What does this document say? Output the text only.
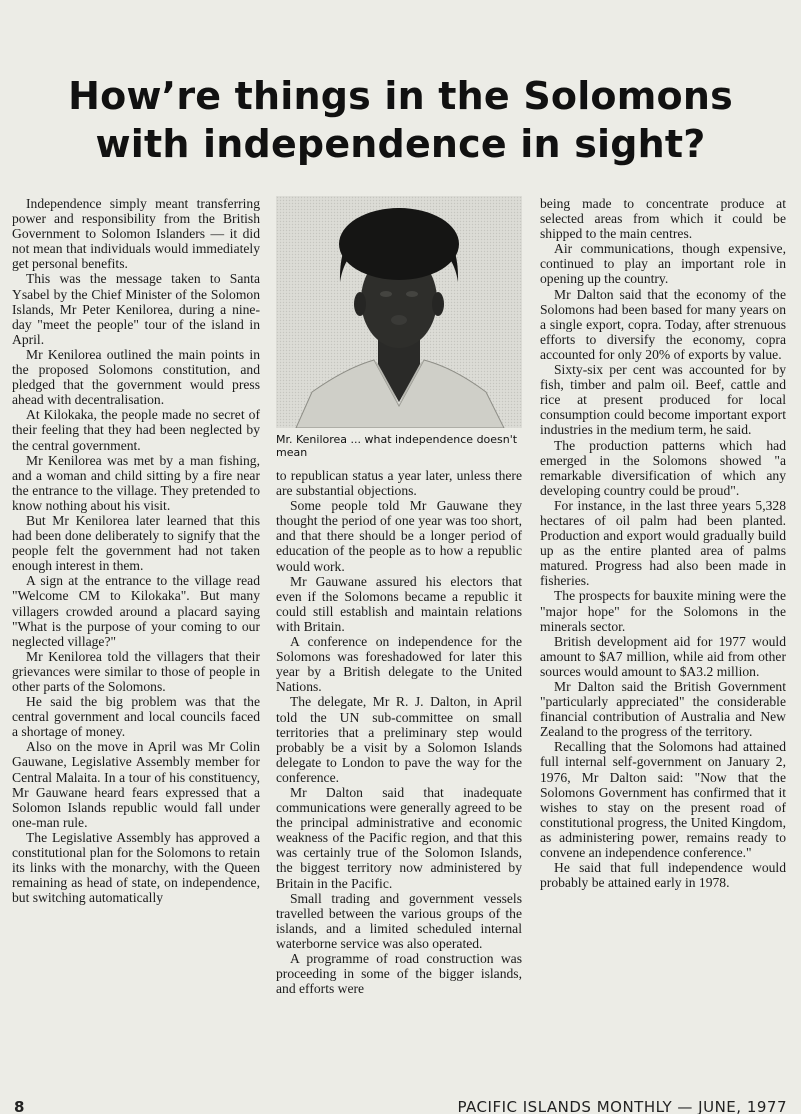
How’re things in the Solomons
with independence in sight?

Independence simply meant transferring power and responsibility from the British Government to Solomon Islanders — it did not mean that individuals would immediately get personal benefits.

This was the message taken to Santa Ysabel by the Chief Minister of the Solomon Islands, Mr Peter Kenilorea, during a nine-day "meet the people" tour of the island in April.

Mr Kenilorea outlined the main points in the proposed Solomons constitution, and pledged that the government would press ahead with decentralisation.

At Kilokaka, the people made no secret of their feeling that they had been neglected by the central government.

Mr Kenilorea was met by a man fishing, and a woman and child sitting by a fire near the entrance to the village. They pretended to know nothing about his visit.

But Mr Kenilorea later learned that this had been done deliberately to signify that the people felt the government had not taken enough interest in them.

A sign at the entrance to the village read "Welcome CM to Kilokaka". But many villagers crowded around a placard saying "What is the purpose of your coming to our neglected village?"

Mr Kenilorea told the villagers that their grievances were similar to those of people in other parts of the Solomons.

He said the big problem was that the central government and local councils faced a shortage of money.

Also on the move in April was Mr Colin Gauwane, Legislative Assembly member for Central Malaita. In a tour of his constituency, Mr Gauwane heard fears expressed that a Solomon Islands republic would fall under one-man rule.

The Legislative Assembly has approved a constitutional plan for the Solomons to retain its links with the monarchy, with the Queen remaining as head of state, on independence, but switching automatically

Mr. Kenilorea ... what independence doesn't mean

to republican status a year later, unless there are substantial objections.

Some people told Mr Gauwane they thought the period of one year was too short, and that there should be a longer period of education of the people as to how a republic would work.

Mr Gauwane assured his electors that even if the Solomons became a republic it could still establish and maintain relations with Britain.

A conference on independence for the Solomons was foreshadowed for later this year by a British delegate to the United Nations.

The delegate, Mr R. J. Dalton, in April told the UN sub-committee on small territories that a preliminary step would probably be a visit by a Solomon Islands delegate to London to pave the way for the conference.

Mr Dalton said that inadequate communications were generally agreed to be the principal administrative and economic weakness of the Pacific region, and that this was certainly true of the Solomon Islands, the biggest territory now administered by Britain in the Pacific.

Small trading and government vessels travelled between the various groups of the islands, and a limited scheduled internal waterborne service was also operated.

A programme of road construction was proceeding in some of the bigger islands, and efforts were

being made to concentrate produce at selected areas from which it could be shipped to the main centres.

Air communications, though expensive, continued to play an important role in opening up the country.

Mr Dalton said that the economy of the Solomons had been based for many years on a single export, copra. Today, after strenuous efforts to diversify the economy, copra accounted for only 20% of exports by value.

Sixty-six per cent was accounted for by fish, timber and palm oil. Beef, cattle and rice at present produced for local consumption could become important export industries in the medium term, he said.

The production patterns which had emerged in the Solomons showed "a remarkable diversification of which any developing country could be proud".

For instance, in the last three years 5,328 hectares of oil palm had been planted. Production and export would gradually build up as the entire planted area of palms matured. Progress had also been made in fisheries.

The prospects for bauxite mining were the "major hope" for the Solomons in the minerals sector.

British development aid for 1977 would amount to $A7 million, while aid from other sources would amount to $A3.2 million.

Mr Dalton said the British Government "particularly appreciated" the considerable financial contribution of Australia and New Zealand to the progress of the territory.

Recalling that the Solomons had attained full internal self-government on January 2, 1976, Mr Dalton said: "Now that the Solomons Government has confirmed that it wishes to stay on the present road of constitutional progress, the United Kingdom, as administering power, remains ready to convene an independence conference."

He said that full independence would probably be attained early in 1978.

8	PACIFIC ISLANDS MONTHLY — JUNE, 1977
